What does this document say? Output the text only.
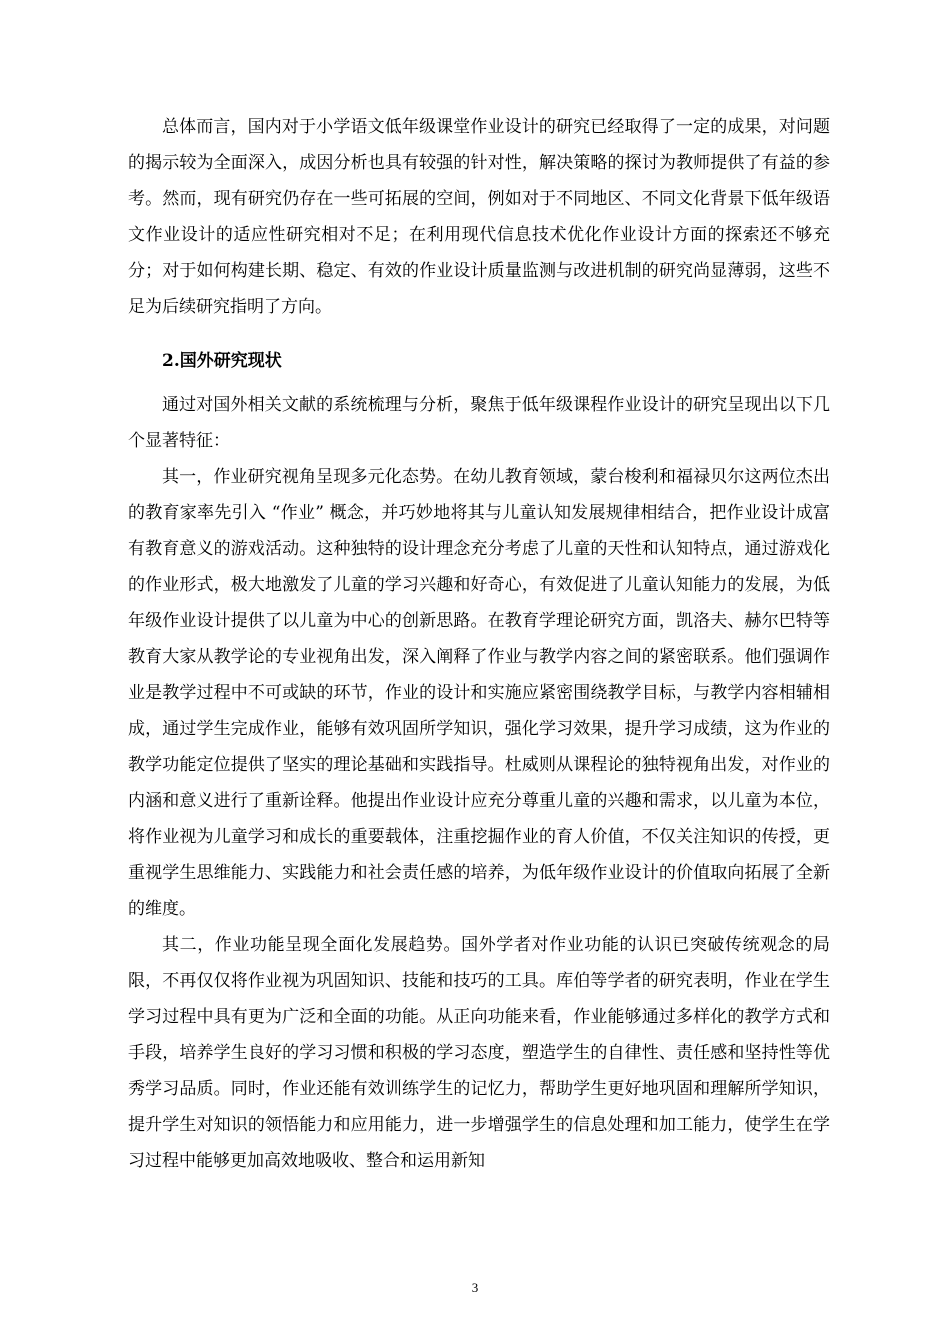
总体而言，国内对于小学语文低年级课堂作业设计的研究已经取得了一定的成果，对问题的揭示较为全面深入，成因分析也具有较强的针对性，解决策略的探讨为教师提供了有益的参考。然而，现有研究仍存在一些可拓展的空间，例如对于不同地区、不同文化背景下低年级语文作业设计的适应性研究相对不足；在利用现代信息技术优化作业设计方面的探索还不够充分；对于如何构建长期、稳定、有效的作业设计质量监测与改进机制的研究尚显薄弱，这些不足为后续研究指明了方向。

2.国外研究现状

通过对国外相关文献的系统梳理与分析，聚焦于低年级课程作业设计的研究呈现出以下几个显著特征：

其一，作业研究视角呈现多元化态势。在幼儿教育领域，蒙台梭利和福禄贝尔这两位杰出的教育家率先引入 “作业” 概念，并巧妙地将其与儿童认知发展规律相结合，把作业设计成富有教育意义的游戏活动。这种独特的设计理念充分考虑了儿童的天性和认知特点，通过游戏化的作业形式，极大地激发了儿童的学习兴趣和好奇心，有效促进了儿童认知能力的发展，为低年级作业设计提供了以儿童为中心的创新思路。在教育学理论研究方面，凯洛夫、赫尔巴特等教育大家从教学论的专业视角出发，深入阐释了作业与教学内容之间的紧密联系。他们强调作业是教学过程中不可或缺的环节，作业的设计和实施应紧密围绕教学目标，与教学内容相辅相成，通过学生完成作业，能够有效巩固所学知识，强化学习效果，提升学习成绩，这为作业的教学功能定位提供了坚实的理论基础和实践指导。杜威则从课程论的独特视角出发，对作业的内涵和意义进行了重新诠释。他提出作业设计应充分尊重儿童的兴趣和需求，以儿童为本位，将作业视为儿童学习和成长的重要载体，注重挖掘作业的育人价值，不仅关注知识的传授，更重视学生思维能力、实践能力和社会责任感的培养，为低年级作业设计的价值取向拓展了全新的维度。

其二，作业功能呈现全面化发展趋势。国外学者对作业功能的认识已突破传统观念的局限，不再仅仅将作业视为巩固知识、技能和技巧的工具。库伯等学者的研究表明，作业在学生学习过程中具有更为广泛和全面的功能。从正向功能来看，作业能够通过多样化的教学方式和手段，培养学生良好的学习习惯和积极的学习态度，塑造学生的自律性、责任感和坚持性等优秀学习品质。同时，作业还能有效训练学生的记忆力，帮助学生更好地巩固和理解所学知识，提升学生对知识的领悟能力和应用能力，进一步增强学生的信息处理和加工能力，使学生在学习过程中能够更加高效地吸收、整合和运用新知

3
